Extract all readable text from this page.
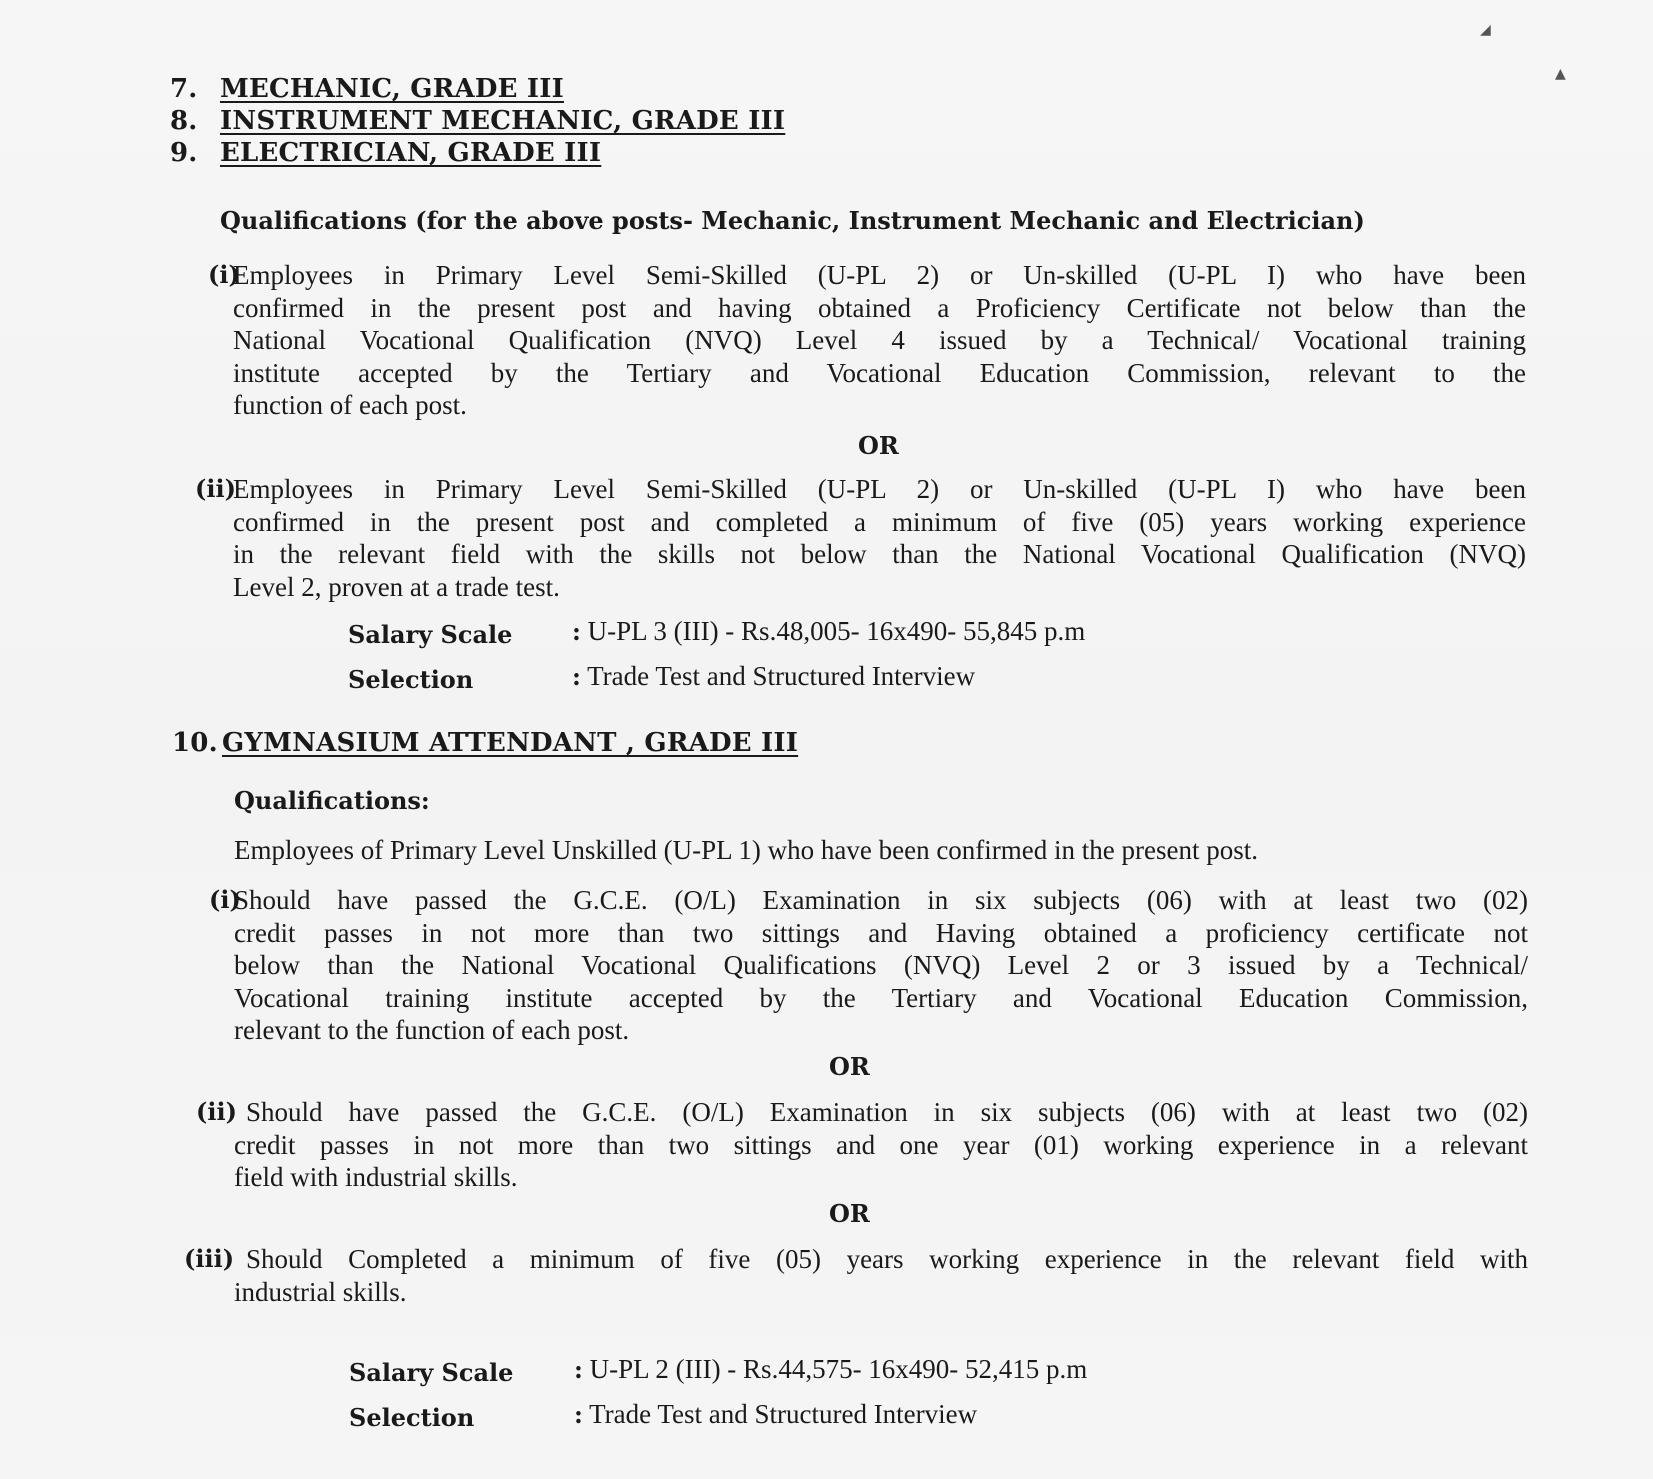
◢
▲
7. MECHANIC, GRADE III
8. INSTRUMENT MECHANIC, GRADE III
9. ELECTRICIAN, GRADE III
Qualifications (for the above posts- Mechanic, Instrument Mechanic and Electrician)
(i)
Employees in Primary Level Semi-Skilled (U-PL 2) or Un-skilled (U-PL I) who have been
confirmed in the present post and having obtained a Proficiency Certificate not below than the
National Vocational Qualification (NVQ) Level 4 issued by a Technical/ Vocational training
institute accepted by the Tertiary and Vocational Education Commission, relevant to the
function of each post.
OR
(ii)
Employees in Primary Level Semi-Skilled (U-PL 2) or Un-skilled (U-PL I) who have been
confirmed in the present post and completed a minimum of five (05) years working experience
in the relevant field with the skills not below than the National Vocational Qualification (NVQ)
Level 2, proven at a trade test.
Salary Scale : U-PL 3 (III) - Rs.48,005- 16x490- 55,845 p.m
Selection	: Trade Test and Structured Interview
10. GYMNASIUM ATTENDANT , GRADE III
Qualifications:
Employees of Primary Level Unskilled (U-PL 1) who have been confirmed in the present post.
(i)
Should have passed the G.C.E. (O/L) Examination in six subjects (06) with at least two (02)
credit passes in not more than two sittings and Having obtained a proficiency certificate not
below than the National Vocational Qualifications (NVQ) Level 2 or 3 issued by a Technical/
Vocational training institute accepted by the Tertiary and Vocational Education Commission,
relevant to the function of each post.
OR
(ii) Should have passed the G.C.E. (O/L) Examination in six subjects (06) with at least two (02)
credit passes in not more than two sittings and one year (01) working experience in a relevant
field with industrial skills.
OR
(iii) Should Completed a minimum of five (05) years working experience in the relevant field with
industrial skills.
Salary Scale	: U-PL 2 (III) - Rs.44,575- 16x490- 52,415 p.m
Selection	: Trade Test and Structured Interview
